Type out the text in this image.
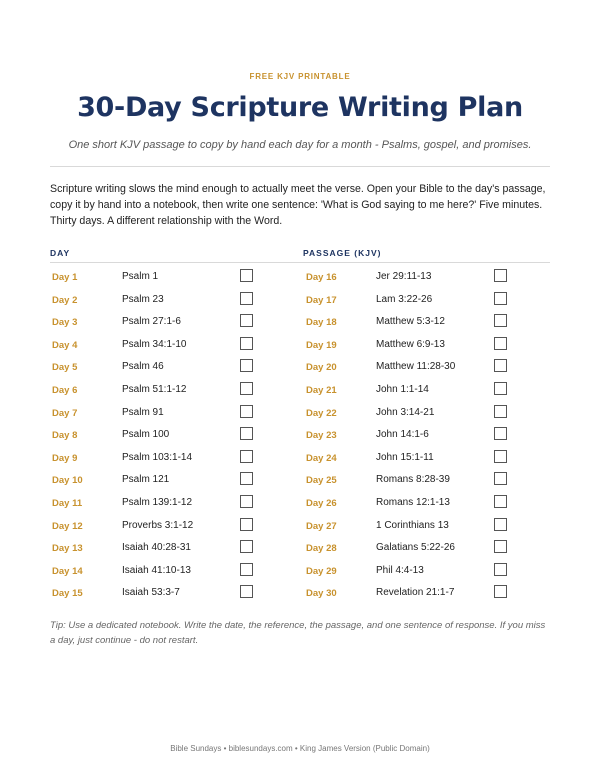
FREE KJV PRINTABLE
30-Day Scripture Writing Plan
One short KJV passage to copy by hand each day for a month - Psalms, gospel, and promises.
Scripture writing slows the mind enough to actually meet the verse. Open your Bible to the day's passage, copy it by hand into a notebook, then write one sentence: 'What is God saying to me here?' Five minutes. Thirty days. A different relationship with the Word.
DAY	PASSAGE (KJV)
Day 1	Psalm 1
Day 2	Psalm 23
Day 3	Psalm 27:1-6
Day 4	Psalm 34:1-10
Day 5	Psalm 46
Day 6	Psalm 51:1-12
Day 7	Psalm 91
Day 8	Psalm 100
Day 9	Psalm 103:1-14
Day 10	Psalm 121
Day 11	Psalm 139:1-12
Day 12	Proverbs 3:1-12
Day 13	Isaiah 40:28-31
Day 14	Isaiah 41:10-13
Day 15	Isaiah 53:3-7
Day 16	Jer 29:11-13
Day 17	Lam 3:22-26
Day 18	Matthew 5:3-12
Day 19	Matthew 6:9-13
Day 20	Matthew 11:28-30
Day 21	John 1:1-14
Day 22	John 3:14-21
Day 23	John 14:1-6
Day 24	John 15:1-11
Day 25	Romans 8:28-39
Day 26	Romans 12:1-13
Day 27	1 Corinthians 13
Day 28	Galatians 5:22-26
Day 29	Phil 4:4-13
Day 30	Revelation 21:1-7
Tip: Use a dedicated notebook. Write the date, the reference, the passage, and one sentence of response. If you miss a day, just continue - do not restart.
Bible Sundays • biblesundays.com • King James Version (Public Domain)
